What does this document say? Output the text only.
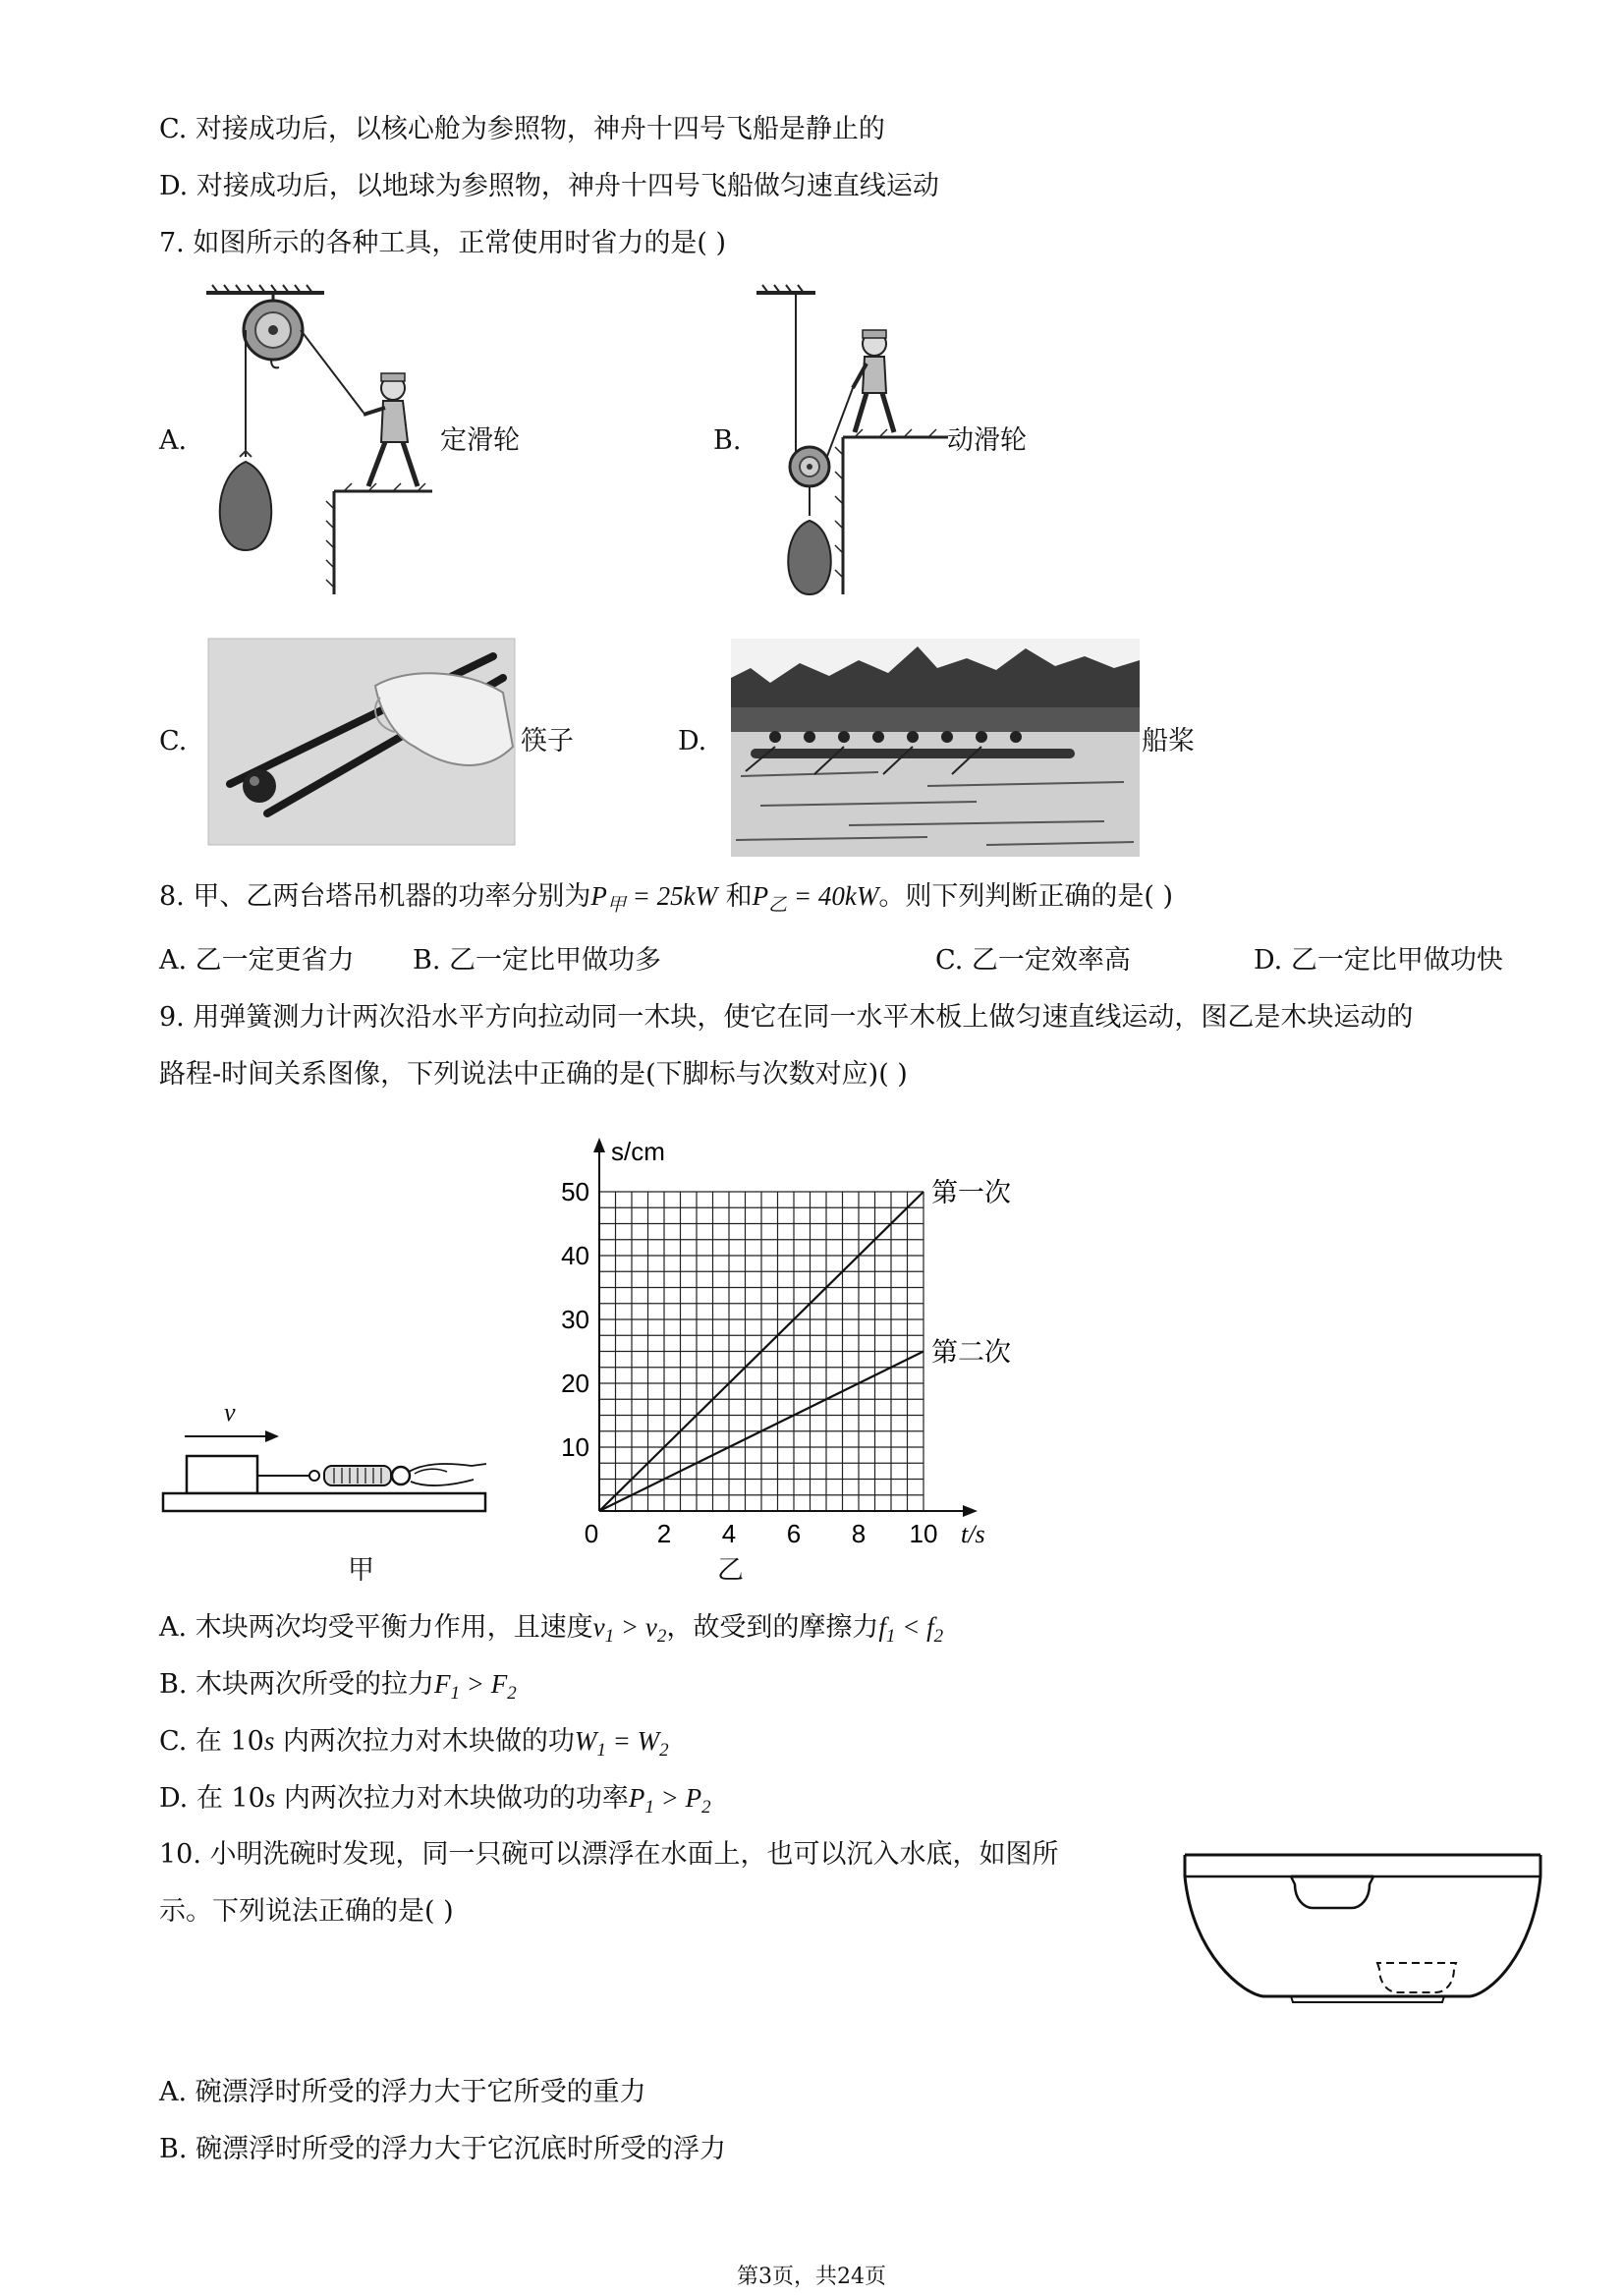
C. 对接成功后，以核心舱为参照物，神舟十四号飞船是静止的
D. 对接成功后，以地球为参照物，神舟十四号飞船做匀速直线运动
7. 如图所示的各种工具，正常使用时省力的是( )
A.	定滑轮	B.	动滑轮
C.	筷子	D.	船桨
8. 甲、乙两台塔吊机器的功率分别为$P_甲 = 25kW$ 和$P_乙 = 40kW$。则下列判断正确的是( )
A. 乙一定更省力 B. 乙一定比甲做功多	C. 乙一定效率高	D. 乙一定比甲做功快
9. 用弹簧测力计两次沿水平方向拉动同一木块，使它在同一水平木板上做匀速直线运动，图乙是木块运动的
路程-时间关系图像，下列说法中正确的是(下脚标与次数对应)( )
v
甲
0 2 4 6 8 10
10
20
30
40
50
s/cm
t/s
第一次
第二次
乙
A. 木块两次均受平衡力作用，且速度$v_1 > v_2$，故受到的摩擦力$f_1 < f_2$
B. 木块两次所受的拉力$F_1 > F_2$
C. 在 10s 内两次拉力对木块做的功$W_1 = W_2$
D. 在 10s 内两次拉力对木块做功的功率$P_1 > P_2$
10. 小明洗碗时发现，同一只碗可以漂浮在水面上，也可以沉入水底，如图所
示。下列说法正确的是( )
A. 碗漂浮时所受的浮力大于它所受的重力
B. 碗漂浮时所受的浮力大于它沉底时所受的浮力
第3页，共24页
